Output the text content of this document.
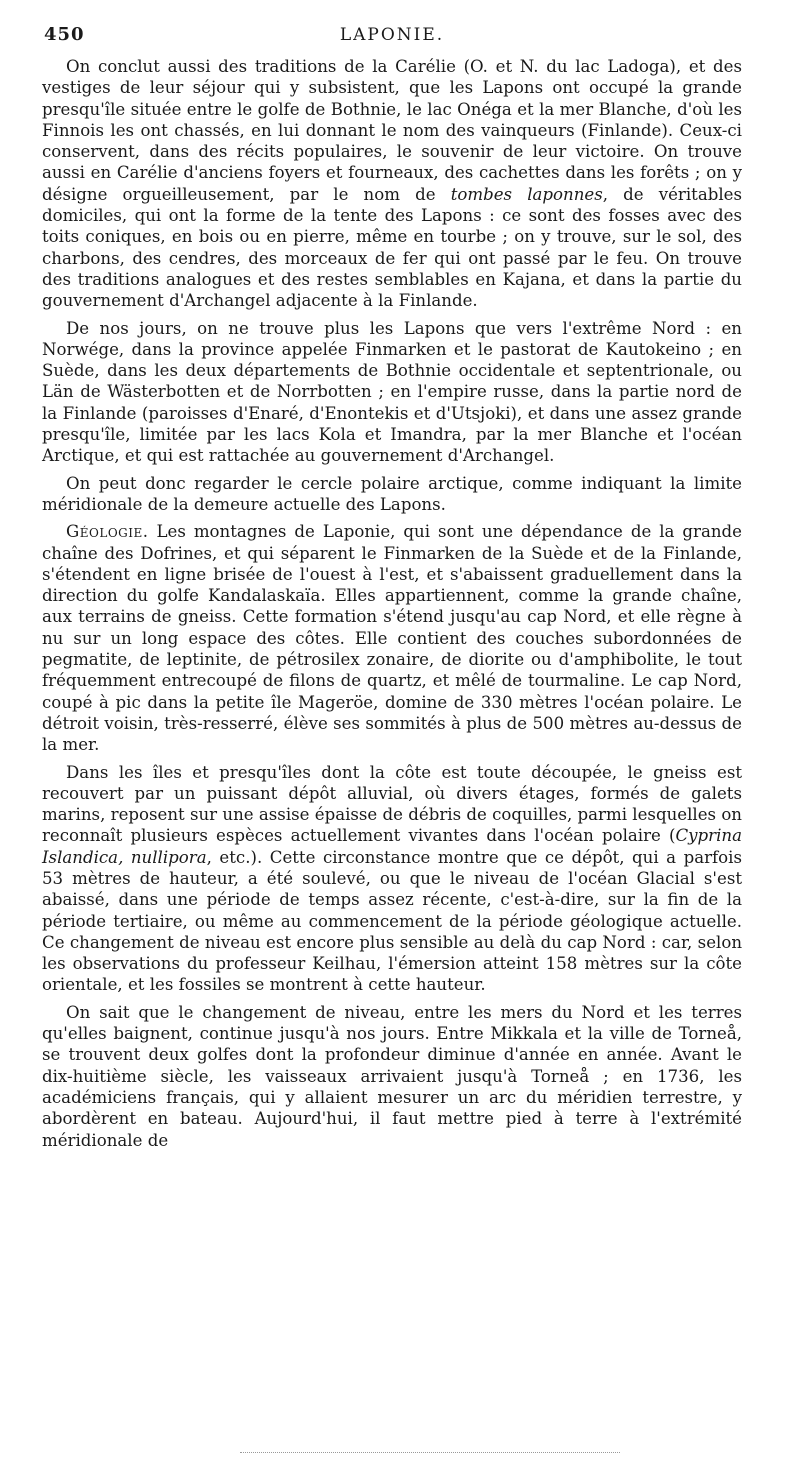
450	LAPONIE.

On conclut aussi des traditions de la Carélie (O. et N. du lac Ladoga), et des vestiges de leur séjour qui y subsistent, que les Lapons ont occupé la grande presqu'île située entre le golfe de Bothnie, le lac Onéga et la mer Blanche, d'où les Finnois les ont chassés, en lui donnant le nom des vainqueurs (Finlande). Ceux-ci conservent, dans des récits populaires, le souvenir de leur victoire. On trouve aussi en Carélie d'anciens foyers et fourneaux, des cachettes dans les forêts ; on y désigne orgueilleusement, par le nom de tombes laponnes, de véritables domiciles, qui ont la forme de la tente des Lapons : ce sont des fosses avec des toits coniques, en bois ou en pierre, même en tourbe ; on y trouve, sur le sol, des charbons, des cendres, des morceaux de fer qui ont passé par le feu. On trouve des traditions analogues et des restes semblables en Kajana, et dans la partie du gouvernement d'Archangel adjacente à la Finlande.

De nos jours, on ne trouve plus les Lapons que vers l'extrême Nord : en Norwége, dans la province appelée Finmarken et le pastorat de Kautokeino ; en Suède, dans les deux départements de Bothnie occidentale et septentrionale, ou Län de Wästerbotten et de Norrbotten ; en l'empire russe, dans la partie nord de la Finlande (paroisses d'Enaré, d'Enontekis et d'Utsjoki), et dans une assez grande presqu'île, limitée par les lacs Kola et Imandra, par la mer Blanche et l'océan Arctique, et qui est rattachée au gouvernement d'Archangel.

On peut donc regarder le cercle polaire arctique, comme indiquant la limite méridionale de la demeure actuelle des Lapons.

Géologie. Les montagnes de Laponie, qui sont une dépendance de la grande chaîne des Dofrines, et qui séparent le Finmarken de la Suède et de la Finlande, s'étendent en ligne brisée de l'ouest à l'est, et s'abaissent graduellement dans la direction du golfe Kandalaskaïa. Elles appartiennent, comme la grande chaîne, aux terrains de gneiss. Cette formation s'étend jusqu'au cap Nord, et elle règne à nu sur un long espace des côtes. Elle contient des couches subordonnées de pegmatite, de leptinite, de pétrosilex zonaire, de diorite ou d'amphibolite, le tout fréquemment entrecoupé de filons de quartz, et mêlé de tourmaline. Le cap Nord, coupé à pic dans la petite île Mageröe, domine de 330 mètres l'océan polaire. Le détroit voisin, très-resserré, élève ses sommités à plus de 500 mètres au-dessus de la mer.

Dans les îles et presqu'îles dont la côte est toute découpée, le gneiss est recouvert par un puissant dépôt alluvial, où divers étages, formés de galets marins, reposent sur une assise épaisse de débris de coquilles, parmi lesquelles on reconnaît plusieurs espèces actuellement vivantes dans l'océan polaire (Cyprina Islandica, nullipora, etc.). Cette circonstance montre que ce dépôt, qui a parfois 53 mètres de hauteur, a été soulevé, ou que le niveau de l'océan Glacial s'est abaissé, dans une période de temps assez récente, c'est-à-dire, sur la fin de la période tertiaire, ou même au commencement de la période géologique actuelle. Ce changement de niveau est encore plus sensible au delà du cap Nord : car, selon les observations du professeur Keilhau, l'émersion atteint 158 mètres sur la côte orientale, et les fossiles se montrent à cette hauteur.

On sait que le changement de niveau, entre les mers du Nord et les terres qu'elles baignent, continue jusqu'à nos jours. Entre Mikkala et la ville de Torneå, se trouvent deux golfes dont la profondeur diminue d'année en année. Avant le dix-huitième siècle, les vaisseaux arrivaient jusqu'à Torneå ; en 1736, les académiciens français, qui y allaient mesurer un arc du méridien terrestre, y abordèrent en bateau. Aujourd'hui, il faut mettre pied à terre à l'extrémité méridionale de
